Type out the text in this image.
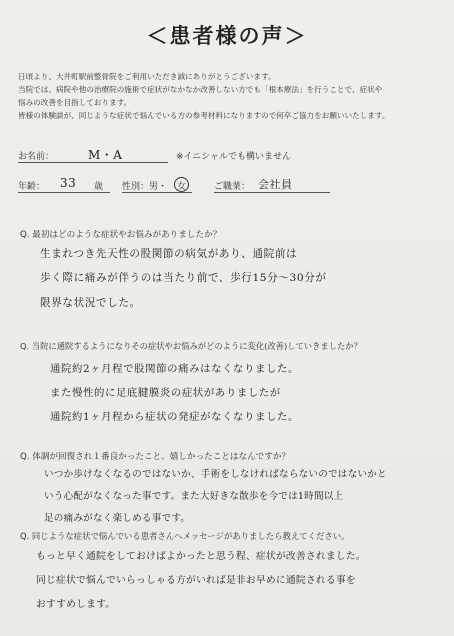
＜患者様の声＞
日頃より、大井町駅前整骨院をご利用いただき誠にありがとうございます。
当院では、病院や他の治療院の施術で症状がなかなか改善しない方でも「根本療法」を行うことで、症状や
悩みの改善を目指しております。
皆様の体験談が、同じような症状で悩んでいる方の参考材料になりますので何卒ご協力をお願いいたします。
お名前：	M・A	※イニシャルでも構いません
年齢： 33 歳 性別：男・ 女	ご職業： 会社員
Q. 最初はどのような症状やお悩みがありましたか？
生まれつき先天性の股関節の病気があり、通院前は
歩く際に痛みが伴うのは当たり前で、歩行15分〜30分が
限界な状況でした。
Q. 当院に通院するようになりその症状やお悩みがどのように変化(改善)していきましたか？
通院約2ヶ月程で股関節の痛みはなくなりました。
また慢性的に足底腱膜炎の症状がありましたが
通院約1ヶ月程から症状の発症がなくなりました。
Q. 体調が回復され１番良かったこと、嬉しかったことはなんですか？
いつか歩けなくなるのではないか、手術をしなければならないのではないかと
いう心配がなくなった事です。また大好きな散歩を今では1時間以上
足の痛みがなく楽しめる事です。
Q. 同じような症状で悩んでいる患者さんへメッセージがありましたら教えてください。
もっと早く通院をしておけばよかったと思う程、症状が改善されました。
同じ症状で悩んでいらっしゃる方がいれば是非お早めに通院される事を
おすすめします。
